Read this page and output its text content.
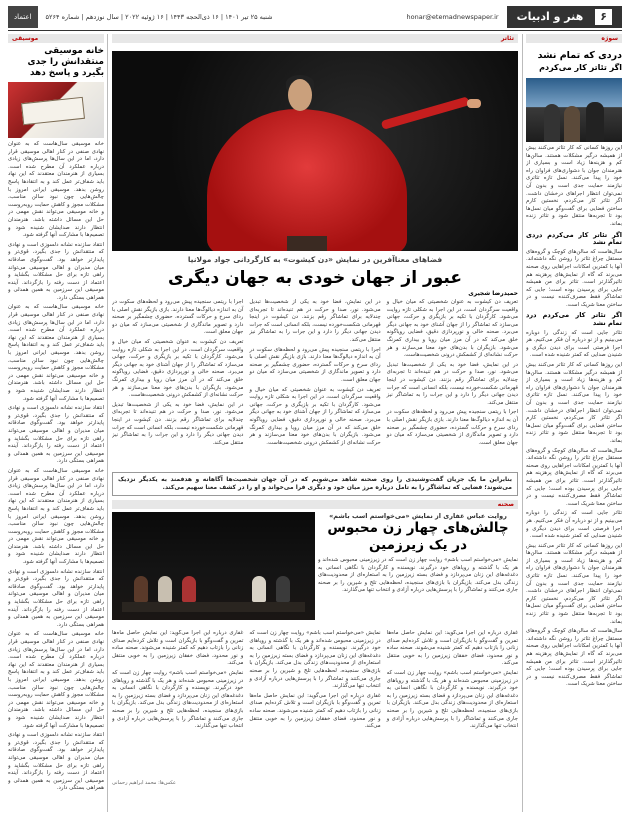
۶
هنر و ادبیات
honar@etemadnewspaper.ir
شنبه ۲۵ تیر ۱۴۰۱ | ۱۶ ذی‌الحجه ۱۴۴۳ | ۱۶ ژوئیه ۲۰۲۲ | سال نوزدهم | شماره ۵۲۶۴
اعتماد
سوژه
دردی که تمام نشد
اگر تئاتر کار می‌کردم

این روزها کسانی که کار تئاتر می‌کنند بیش از همیشه درگیر مشکلات هستند. سالن‌ها کم و هزینه‌ها زیاد است و بسیاری از هنرمندان جوان با دشواری‌های فراوان راه خود را پیدا می‌کنند. نسل تازه تئاتری نیازمند حمایت جدی است و بدون آن نمی‌توان انتظار اجراهای درخشان داشت. اگر تئاتر کار می‌کردم، نخستین کارم ساختن فضایی برای گفت‌وگو میان نسل‌ها بود تا تجربه‌ها منتقل شود و تئاتر زنده بماند.

اگر تئاتر کار می‌کردم دردی تمام نشد

سال‌هاست که سالن‌های کوچک و گروه‌های مستقل چراغ تئاتر را روشن نگه داشته‌اند. آنها با کمترین امکانات اجراهایی روی صحنه می‌برند که گاه از نمایش‌های پرهزینه هم تاثیرگذارتر است. تئاتر برای من همیشه جایی برای پرسیدن بوده است؛ جایی که تماشاگر فقط مصرف‌کننده نیست و در ساختن معنا شریک است.

اگر تئاتر کار می‌کردم درد تمام نشد

تئاتر جایی است که زندگی را دوباره می‌بینیم و از نو درباره آن فکر می‌کنیم. هر اجرا فرصتی است برای دیدن دیگری و شنیدن صدایی که کمتر شنیده شده است.

این روزها کسانی که کار تئاتر می‌کنند بیش از همیشه درگیر مشکلات هستند. سالن‌ها کم و هزینه‌ها زیاد است و بسیاری از هنرمندان جوان با دشواری‌های فراوان راه خود را پیدا می‌کنند. نسل تازه تئاتری نیازمند حمایت جدی است و بدون آن نمی‌توان انتظار اجراهای درخشان داشت. اگر تئاتر کار می‌کردم، نخستین کارم ساختن فضایی برای گفت‌وگو میان نسل‌ها بود تا تجربه‌ها منتقل شود و تئاتر زنده بماند.

سال‌هاست که سالن‌های کوچک و گروه‌های مستقل چراغ تئاتر را روشن نگه داشته‌اند. آنها با کمترین امکانات اجراهایی روی صحنه می‌برند که گاه از نمایش‌های پرهزینه هم تاثیرگذارتر است. تئاتر برای من همیشه جایی برای پرسیدن بوده است؛ جایی که تماشاگر فقط مصرف‌کننده نیست و در ساختن معنا شریک است.

تئاتر جایی است که زندگی را دوباره می‌بینیم و از نو درباره آن فکر می‌کنیم. هر اجرا فرصتی است برای دیدن دیگری و شنیدن صدایی که کمتر شنیده شده است.

این روزها کسانی که کار تئاتر می‌کنند بیش از همیشه درگیر مشکلات هستند. سالن‌ها کم و هزینه‌ها زیاد است و بسیاری از هنرمندان جوان با دشواری‌های فراوان راه خود را پیدا می‌کنند. نسل تازه تئاتری نیازمند حمایت جدی است و بدون آن نمی‌توان انتظار اجراهای درخشان داشت. اگر تئاتر کار می‌کردم، نخستین کارم ساختن فضایی برای گفت‌وگو میان نسل‌ها بود تا تجربه‌ها منتقل شود و تئاتر زنده بماند.

سال‌هاست که سالن‌های کوچک و گروه‌های مستقل چراغ تئاتر را روشن نگه داشته‌اند. آنها با کمترین امکانات اجراهایی روی صحنه می‌برند که گاه از نمایش‌های پرهزینه هم تاثیرگذارتر است. تئاتر برای من همیشه جایی برای پرسیدن بوده است؛ جایی که تماشاگر فقط مصرف‌کننده نیست و در ساختن معنا شریک است.

تئاتر
فضاهای معناآفرین در نمایش «دن کیشوت» به کارگردانی جواد مولانیا
عبور از جهان خودی به جهان دیگری
حمیدرضا شجیری

تعریف دن کیشوت به عنوان شخصیتی که میان خیال و واقعیت سرگردان است، در این اجرا به شکلی تازه روایت می‌شود. کارگردان با تکیه بر بازیگری و حرکت، جهانی می‌سازد که تماشاگر را از جهان آشنای خود به جهانی دیگر می‌برد. صحنه خالی و نورپردازی دقیق، فضایی رویاگونه خلق می‌کند که در آن مرز میان رویا و بیداری کمرنگ می‌شود. بازیگران با بدن‌های خود معنا می‌سازند و هر حرکت نشانه‌ای از کشمکش درونی شخصیت‌هاست.

در این نمایش، فضا خود به یکی از شخصیت‌ها تبدیل می‌شود. نور، صدا و حرکت در هم تنیده‌اند تا تجربه‌ای چندلایه برای تماشاگر رقم بزنند. دن کیشوت در اینجا قهرمانی شکست‌خورده نیست، بلکه انسانی است که جرات دیدن جهانی دیگر را دارد و این جرات را به تماشاگر نیز منتقل می‌کند.

اجرا با ریتمی سنجیده پیش می‌رود و لحظه‌های سکوت در آن به اندازه دیالوگ‌ها معنا دارند. بازی بازیگر نقش اصلی با ردای سرخ و حرکات گسترده، حضوری چشمگیر بر صحنه دارد و تصویر ماندگاری از شخصیتی می‌سازد که میان دو جهان معلق است.

در این نمایش، فضا خود به یکی از شخصیت‌ها تبدیل می‌شود. نور، صدا و حرکت در هم تنیده‌اند تا تجربه‌ای چندلایه برای تماشاگر رقم بزنند. دن کیشوت در اینجا قهرمانی شکست‌خورده نیست، بلکه انسانی است که جرات دیدن جهانی دیگر را دارد و این جرات را به تماشاگر نیز منتقل می‌کند.

اجرا با ریتمی سنجیده پیش می‌رود و لحظه‌های سکوت در آن به اندازه دیالوگ‌ها معنا دارند. بازی بازیگر نقش اصلی با ردای سرخ و حرکات گسترده، حضوری چشمگیر بر صحنه دارد و تصویر ماندگاری از شخصیتی می‌سازد که میان دو جهان معلق است.

تعریف دن کیشوت به عنوان شخصیتی که میان خیال و واقعیت سرگردان است، در این اجرا به شکلی تازه روایت می‌شود. کارگردان با تکیه بر بازیگری و حرکت، جهانی می‌سازد که تماشاگر را از جهان آشنای خود به جهانی دیگر می‌برد. صحنه خالی و نورپردازی دقیق، فضایی رویاگونه خلق می‌کند که در آن مرز میان رویا و بیداری کمرنگ می‌شود. بازیگران با بدن‌های خود معنا می‌سازند و هر حرکت نشانه‌ای از کشمکش درونی شخصیت‌هاست.

اجرا با ریتمی سنجیده پیش می‌رود و لحظه‌های سکوت در آن به اندازه دیالوگ‌ها معنا دارند. بازی بازیگر نقش اصلی با ردای سرخ و حرکات گسترده، حضوری چشمگیر بر صحنه دارد و تصویر ماندگاری از شخصیتی می‌سازد که میان دو جهان معلق است.

تعریف دن کیشوت به عنوان شخصیتی که میان خیال و واقعیت سرگردان است، در این اجرا به شکلی تازه روایت می‌شود. کارگردان با تکیه بر بازیگری و حرکت، جهانی می‌سازد که تماشاگر را از جهان آشنای خود به جهانی دیگر می‌برد. صحنه خالی و نورپردازی دقیق، فضایی رویاگونه خلق می‌کند که در آن مرز میان رویا و بیداری کمرنگ می‌شود. بازیگران با بدن‌های خود معنا می‌سازند و هر حرکت نشانه‌ای از کشمکش درونی شخصیت‌هاست.

در این نمایش، فضا خود به یکی از شخصیت‌ها تبدیل می‌شود. نور، صدا و حرکت در هم تنیده‌اند تا تجربه‌ای چندلایه برای تماشاگر رقم بزنند. دن کیشوت در اینجا قهرمانی شکست‌خورده نیست، بلکه انسانی است که جرات دیدن جهانی دیگر را دارد و این جرات را به تماشاگر نیز منتقل می‌کند.

بنابراین ما یک جریان گفت‌وشنیدی را روی صحنه شاهد می‌شویم که در آن جهان شخصیت‌ها آگاهانه و هدفمند به یکدیگر نزدیک می‌شوند؛ فضایی که تماشاگر را به تامل درباره مرز میان خود و دیگری فرا می‌خواند و او را در کشف معنا سهیم می‌کند.
صحنه
روایت عباس غفاری از نمایش «می‌خواستم اسب باشم»
چالش‌های چهار زن محبوس
در یک زیرزمین
نمایش «می‌خواستم اسب باشم» روایت چهار زن است که در زیرزمینی محبوس شده‌اند و هر یک با گذشته و رویاهای خود درگیرند. نویسنده و کارگردان با نگاهی انسانی به دغدغه‌های این زنان می‌پردازد و فضای بسته زیرزمین را به استعاره‌ای از محدودیت‌های زندگی بدل می‌کند. بازیگران با بازی‌های سنجیده، لحظه‌هایی تلخ و شیرین را بر صحنه جاری می‌کنند و تماشاگر را با پرسش‌هایی درباره آزادی و انتخاب تنها می‌گذارند.

غفاری درباره این اجرا می‌گوید: این نمایش حاصل ماه‌ها تمرین و گفت‌وگو با بازیگران است و تلاش کرده‌ایم صدای زنانی را بازتاب دهیم که کمتر شنیده می‌شوند. صحنه ساده و نور محدود، فضای خفقان زیرزمین را به خوبی منتقل می‌کند.

نمایش «می‌خواستم اسب باشم» روایت چهار زن است که در زیرزمینی محبوس شده‌اند و هر یک با گذشته و رویاهای خود درگیرند. نویسنده و کارگردان با نگاهی انسانی به دغدغه‌های این زنان می‌پردازد و فضای بسته زیرزمین را به استعاره‌ای از محدودیت‌های زندگی بدل می‌کند. بازیگران با بازی‌های سنجیده، لحظه‌هایی تلخ و شیرین را بر صحنه جاری می‌کنند و تماشاگر را با پرسش‌هایی درباره آزادی و انتخاب تنها می‌گذارند.

نمایش «می‌خواستم اسب باشم» روایت چهار زن است که در زیرزمینی محبوس شده‌اند و هر یک با گذشته و رویاهای خود درگیرند. نویسنده و کارگردان با نگاهی انسانی به دغدغه‌های این زنان می‌پردازد و فضای بسته زیرزمین را به استعاره‌ای از محدودیت‌های زندگی بدل می‌کند. بازیگران با بازی‌های سنجیده، لحظه‌هایی تلخ و شیرین را بر صحنه جاری می‌کنند و تماشاگر را با پرسش‌هایی درباره آزادی و انتخاب تنها می‌گذارند.

غفاری درباره این اجرا می‌گوید: این نمایش حاصل ماه‌ها تمرین و گفت‌وگو با بازیگران است و تلاش کرده‌ایم صدای زنانی را بازتاب دهیم که کمتر شنیده می‌شوند. صحنه ساده و نور محدود، فضای خفقان زیرزمین را به خوبی منتقل می‌کند.

غفاری درباره این اجرا می‌گوید: این نمایش حاصل ماه‌ها تمرین و گفت‌وگو با بازیگران است و تلاش کرده‌ایم صدای زنانی را بازتاب دهیم که کمتر شنیده می‌شوند. صحنه ساده و نور محدود، فضای خفقان زیرزمین را به خوبی منتقل می‌کند.

نمایش «می‌خواستم اسب باشم» روایت چهار زن است که در زیرزمینی محبوس شده‌اند و هر یک با گذشته و رویاهای خود درگیرند. نویسنده و کارگردان با نگاهی انسانی به دغدغه‌های این زنان می‌پردازد و فضای بسته زیرزمین را به استعاره‌ای از محدودیت‌های زندگی بدل می‌کند. بازیگران با بازی‌های سنجیده، لحظه‌هایی تلخ و شیرین را بر صحنه جاری می‌کنند و تماشاگر را با پرسش‌هایی درباره آزادی و انتخاب تنها می‌گذارند.

عکس‌ها: محمد ابراهیم رحمانی
موسیقی
خانه موسیقی منتقدانش را جدی بگیرد و پاسخ دهد

خانه موسیقی سال‌هاست که به عنوان نهادی صنفی در کنار اهالی موسیقی قرار دارد، اما در این سال‌ها پرسش‌های زیادی درباره عملکرد آن مطرح شده است. بسیاری از هنرمندان معتقدند که این نهاد باید شفاف‌تر عمل کند و به انتقادها پاسخ روشن بدهد. موسیقی ایرانی امروز با چالش‌هایی چون نبود سالن مناسب، مشکلات مجوز و کاهش حمایت روبه‌روست و خانه موسیقی می‌تواند نقش مهمی در حل این مسائل داشته باشد. هنرمندان انتظار دارند صدایشان شنیده شود و تصمیم‌ها با مشارکت آنها گرفته شود.

انتقاد سازنده نشانه دلسوزی است و نهادی که منتقدانش را جدی بگیرد، قوی‌تر و پایدارتر خواهد بود. گفت‌وگوی صادقانه میان مدیران و اهالی موسیقی می‌تواند راهی تازه برای حل مشکلات بگشاید و اعتماد از دست رفته را بازگرداند. آینده موسیقی این سرزمین به همین همدلی و همراهی بستگی دارد.

خانه موسیقی سال‌هاست که به عنوان نهادی صنفی در کنار اهالی موسیقی قرار دارد، اما در این سال‌ها پرسش‌های زیادی درباره عملکرد آن مطرح شده است. بسیاری از هنرمندان معتقدند که این نهاد باید شفاف‌تر عمل کند و به انتقادها پاسخ روشن بدهد. موسیقی ایرانی امروز با چالش‌هایی چون نبود سالن مناسب، مشکلات مجوز و کاهش حمایت روبه‌روست و خانه موسیقی می‌تواند نقش مهمی در حل این مسائل داشته باشد. هنرمندان انتظار دارند صدایشان شنیده شود و تصمیم‌ها با مشارکت آنها گرفته شود.

انتقاد سازنده نشانه دلسوزی است و نهادی که منتقدانش را جدی بگیرد، قوی‌تر و پایدارتر خواهد بود. گفت‌وگوی صادقانه میان مدیران و اهالی موسیقی می‌تواند راهی تازه برای حل مشکلات بگشاید و اعتماد از دست رفته را بازگرداند. آینده موسیقی این سرزمین به همین همدلی و همراهی بستگی دارد.

خانه موسیقی سال‌هاست که به عنوان نهادی صنفی در کنار اهالی موسیقی قرار دارد، اما در این سال‌ها پرسش‌های زیادی درباره عملکرد آن مطرح شده است. بسیاری از هنرمندان معتقدند که این نهاد باید شفاف‌تر عمل کند و به انتقادها پاسخ روشن بدهد. موسیقی ایرانی امروز با چالش‌هایی چون نبود سالن مناسب، مشکلات مجوز و کاهش حمایت روبه‌روست و خانه موسیقی می‌تواند نقش مهمی در حل این مسائل داشته باشد. هنرمندان انتظار دارند صدایشان شنیده شود و تصمیم‌ها با مشارکت آنها گرفته شود.

انتقاد سازنده نشانه دلسوزی است و نهادی که منتقدانش را جدی بگیرد، قوی‌تر و پایدارتر خواهد بود. گفت‌وگوی صادقانه میان مدیران و اهالی موسیقی می‌تواند راهی تازه برای حل مشکلات بگشاید و اعتماد از دست رفته را بازگرداند. آینده موسیقی این سرزمین به همین همدلی و همراهی بستگی دارد.

خانه موسیقی سال‌هاست که به عنوان نهادی صنفی در کنار اهالی موسیقی قرار دارد، اما در این سال‌ها پرسش‌های زیادی درباره عملکرد آن مطرح شده است. بسیاری از هنرمندان معتقدند که این نهاد باید شفاف‌تر عمل کند و به انتقادها پاسخ روشن بدهد. موسیقی ایرانی امروز با چالش‌هایی چون نبود سالن مناسب، مشکلات مجوز و کاهش حمایت روبه‌روست و خانه موسیقی می‌تواند نقش مهمی در حل این مسائل داشته باشد. هنرمندان انتظار دارند صدایشان شنیده شود و تصمیم‌ها با مشارکت آنها گرفته شود.

انتقاد سازنده نشانه دلسوزی است و نهادی که منتقدانش را جدی بگیرد، قوی‌تر و پایدارتر خواهد بود. گفت‌وگوی صادقانه میان مدیران و اهالی موسیقی می‌تواند راهی تازه برای حل مشکلات بگشاید و اعتماد از دست رفته را بازگرداند. آینده موسیقی این سرزمین به همین همدلی و همراهی بستگی دارد.
